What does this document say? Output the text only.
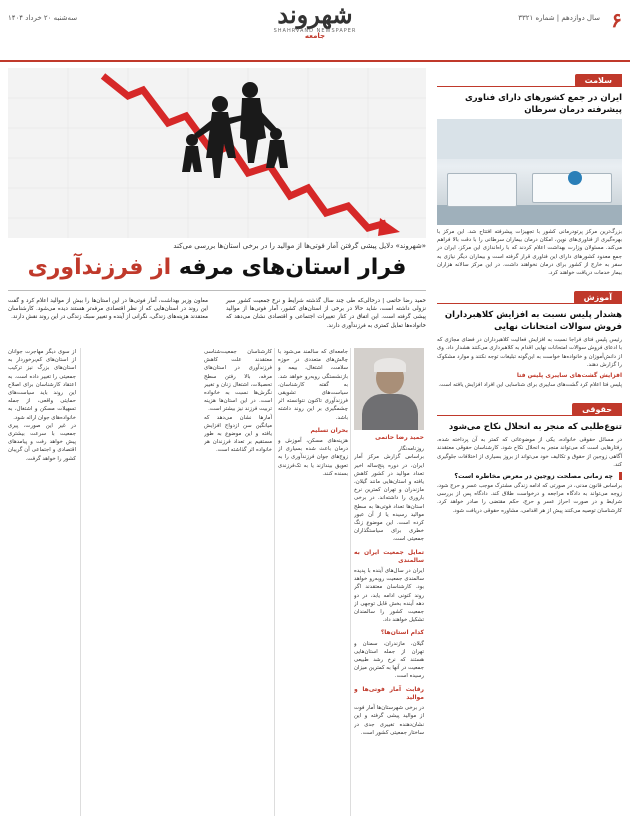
۶
سال دوازدهم | شماره ۳۳۲۱
شهروند
SHAHRVAND NEWSPAPER
جامعه
سه‌شنبه ۲۰ خرداد ۱۴۰۴
«شهروند» دلایل پیشی گرفتن آمار فوتی‌ها از موالید را در برخی استان‌ها بررسی می‌کند
فرار استان‌های مرفه از فرزندآوری
حمید رضا حاتمی | درحالی‌که طی چند سال گذشته شرایط و نرخ جمعیت کشور سیر نزولی داشته است، شاید حالا در برخی از استان‌های کشور، آمار فوتی‌ها از موالید پیشی گرفته است. این اتفاق در کنار تغییرات اجتماعی و اقتصادی نشان می‌دهد که خانواده‌ها تمایل کمتری به فرزندآوری دارند.
معاون وزیر بهداشت، آمار فوتی‌ها در این استان‌ها را بیش از موالید اعلام کرد و گفت این روند در استان‌هایی که از نظر اقتصادی مرفه‌تر هستند دیده می‌شود. کارشناسان معتقدند هزینه‌های زندگی، نگرانی از آینده و تغییر سبک زندگی در این روند نقش دارند.
حمید رضا حاتمی
روزنامه‌نگار

براساس گزارش مرکز آمار ایران، در دوره پنج‌ساله اخیر تعداد موالید در کشور کاهش یافته و استان‌هایی مانند گیلان، مازندران و تهران کمترین نرخ باروری را داشته‌اند. در برخی استان‌ها تعداد فوتی‌ها به سطح موالید رسیده یا از آن عبور کرده است. این موضوع زنگ خطری برای سیاستگذاران جمعیتی است.

تمایل جمعیت ایران به سالمندی

ایران در سال‌های آینده با پدیده سالمندی جمعیت روبه‌رو خواهد بود. کارشناسان معتقدند اگر روند کنونی ادامه یابد، در دو دهه آینده بخش قابل توجهی از جمعیت کشور را سالمندان تشکیل خواهند داد.

کدام استان‌ها؟

گیلان، مازندران، سمنان و تهران از جمله استان‌هایی هستند که نرخ رشد طبیعی جمعیت در آنها به کمترین میزان رسیده است.

رقابت آمار فوتی‌ها و موالید

در برخی شهرستان‌ها آمار فوت از موالید پیشی گرفته و این نشان‌دهنده تغییری جدی در ساختار جمعیتی کشور است.

جامعه‌ای که سالمند می‌شود با چالش‌های متعددی در حوزه سلامت، اشتغال، بیمه و بازنشستگی روبه‌رو خواهد شد. به گفته کارشناسان، سیاست‌های تشویقی فرزندآوری تاکنون نتوانسته اثر چشمگیری بر این روند داشته باشد.

بحران تسلیم

هزینه‌های مسکن، آموزش و درمان باعث شده بسیاری از زوج‌های جوان فرزندآوری را به تعویق بیندازند یا به تک‌فرزندی بسنده کنند.

کارشناسان جمعیت‌شناسی معتقدند علت کاهش فرزندآوری در استان‌های مرفه، بالا رفتن سطح تحصیلات، اشتغال زنان و تغییر نگرش‌ها نسبت به خانواده است. در این استان‌ها هزینه تربیت فرزند نیز بیشتر است.

آمارها نشان می‌دهد که میانگین سن ازدواج افزایش یافته و این موضوع به طور مستقیم بر تعداد فرزندان هر خانواده اثر گذاشته است.

از سوی دیگر مهاجرت جوانان از استان‌های کم‌برخوردار به استان‌های بزرگ نیز ترکیب جمعیتی را تغییر داده است. به اعتقاد کارشناسان برای اصلاح این روند باید سیاست‌های حمایتی واقعی، از جمله تسهیلات مسکن و اشتغال، به خانواده‌های جوان ارائه شود.

در غیر این صورت، پیری جمعیت با سرعت بیشتری پیش خواهد رفت و پیامدهای اقتصادی و اجتماعی آن گریبان کشور را خواهد گرفت.

سلامت
ایران در جمع کشورهای دارای فناوری پیشرفته درمان سرطان
بزرگ‌ترین مرکز پرتودرمانی کشور با تجهیزات پیشرفته افتتاح شد. این مرکز با بهره‌گیری از فناوری‌های نوین، امکان درمان بیماران سرطانی را با دقت بالا فراهم می‌کند. مسئولان وزارت بهداشت اعلام کردند که با راه‌اندازی این مرکز، ایران در جمع معدود کشورهای دارای این فناوری قرار گرفته است و بیماران دیگر نیازی به سفر به خارج از کشور برای درمان نخواهند داشت. در این مرکز سالانه هزاران بیمار خدمات دریافت خواهند کرد.
آموزش
هشدار پلیس نسبت به افزایش کلاهبرداران فروش سوالات امتحانات نهایی
رئیس پلیس فتای فراجا نسبت به افزایش فعالیت کلاهبرداران در فضای مجازی که با ادعای فروش سوالات امتحانات نهایی اقدام به کلاهبرداری می‌کنند هشدار داد. وی از دانش‌آموزان و خانواده‌ها خواست به این‌گونه تبلیغات توجه نکنند و موارد مشکوک را گزارش دهند.
افزایش گشت‌های سایبری پلیس فتا
پلیس فتا اعلام کرد گشت‌های سایبری برای شناسایی این افراد افزایش یافته است.
حقوقی
تنوع‌طلبی که منجر به انحلال نکاح می‌شود
در مسائل حقوقی خانواده، یکی از موضوعاتی که کمتر به آن پرداخته شده، رفتارهایی است که می‌تواند منجر به انحلال نکاح شود. کارشناسان حقوقی معتقدند آگاهی زوجین از حقوق و تکالیف خود می‌تواند از بروز بسیاری از اختلافات جلوگیری کند.
چه زمانی مصلحت زوجین در معرض مخاطره است؟
براساس قانون مدنی، در صورتی که ادامه زندگی مشترک موجب عسر و حرج شود، زوجه می‌تواند به دادگاه مراجعه و درخواست طلاق کند. دادگاه پس از بررسی شرایط و در صورت احراز عسر و حرج، حکم مقتضی را صادر خواهد کرد. کارشناسان توصیه می‌کنند پیش از هر اقدامی، مشاوره حقوقی دریافت شود.
